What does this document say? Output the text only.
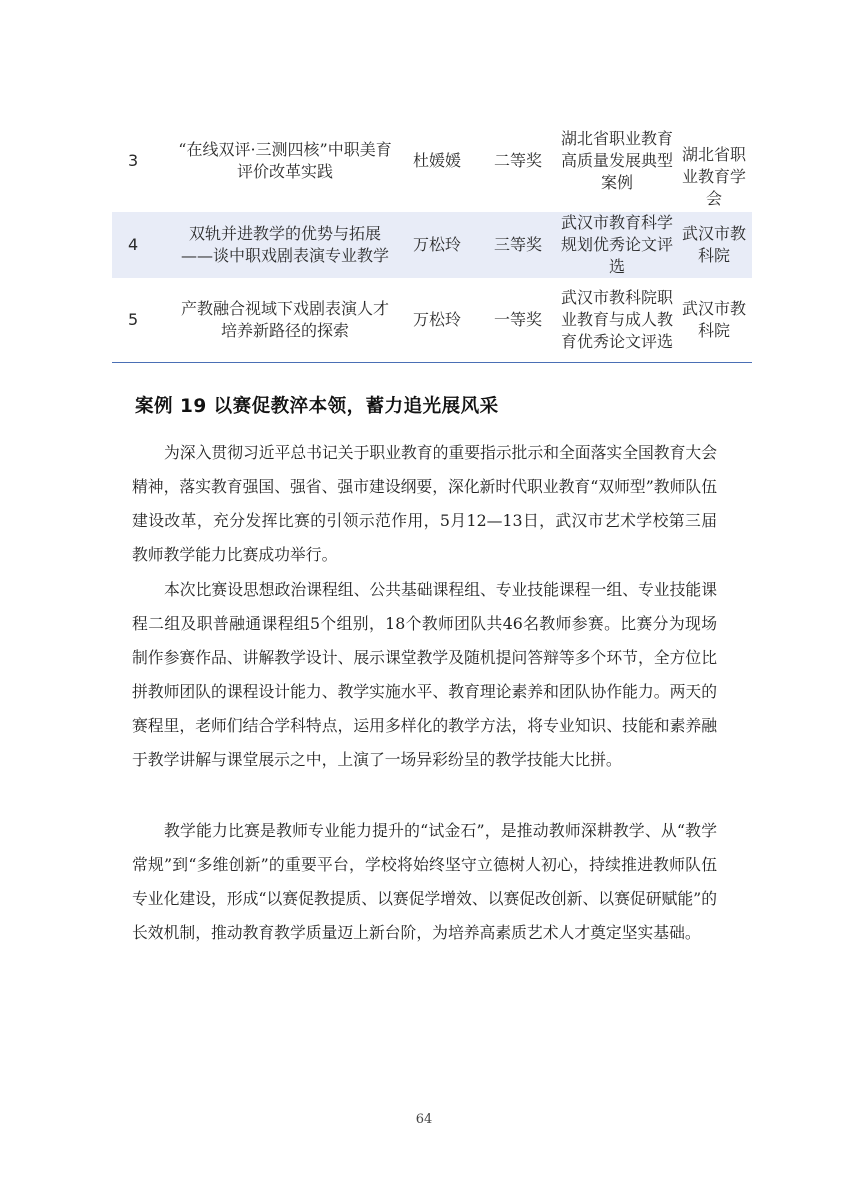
3	“在线双评·三测四核”中职美育评价改革实践	杜媛媛	二等奖	湖北省职业教育高质量发展典型案例	湖北省职业教育学会
4	双轨并进教学的优势与拓展——谈中职戏剧表演专业教学	万松玲	三等奖	武汉市教育科学规划优秀论文评选	武汉市教科院
5	产教融合视域下戏剧表演人才培养新路径的探索	万松玲	一等奖	武汉市教科院职业教育与成人教育优秀论文评选	武汉市教科院
案例 19 以赛促教淬本领，蓄力追光展风采

为深入贯彻习近平总书记关于职业教育的重要指示批示和全面落实全国教育大会精神，落实教育强国、强省、强市建设纲要，深化新时代职业教育“双师型”教师队伍建设改革，充分发挥比赛的引领示范作用，5月12—13日，武汉市艺术学校第三届教师教学能力比赛成功举行。

本次比赛设思想政治课程组、公共基础课程组、专业技能课程一组、专业技能课程二组及职普融通课程组5个组别，18个教师团队共46名教师参赛。比赛分为现场制作参赛作品、讲解教学设计、展示课堂教学及随机提问答辩等多个环节，全方位比拼教师团队的课程设计能力、教学实施水平、教育理论素养和团队协作能力。两天的赛程里，老师们结合学科特点，运用多样化的教学方法，将专业知识、技能和素养融于教学讲解与课堂展示之中，上演了一场异彩纷呈的教学技能大比拼。

教学能力比赛是教师专业能力提升的“试金石”，是推动教师深耕教学、从“教学常规”到“多维创新”的重要平台，学校将始终坚守立德树人初心，持续推进教师队伍专业化建设，形成“以赛促教提质、以赛促学增效、以赛促改创新、以赛促研赋能”的长效机制，推动教育教学质量迈上新台阶，为培养高素质艺术人才奠定坚实基础。

64
